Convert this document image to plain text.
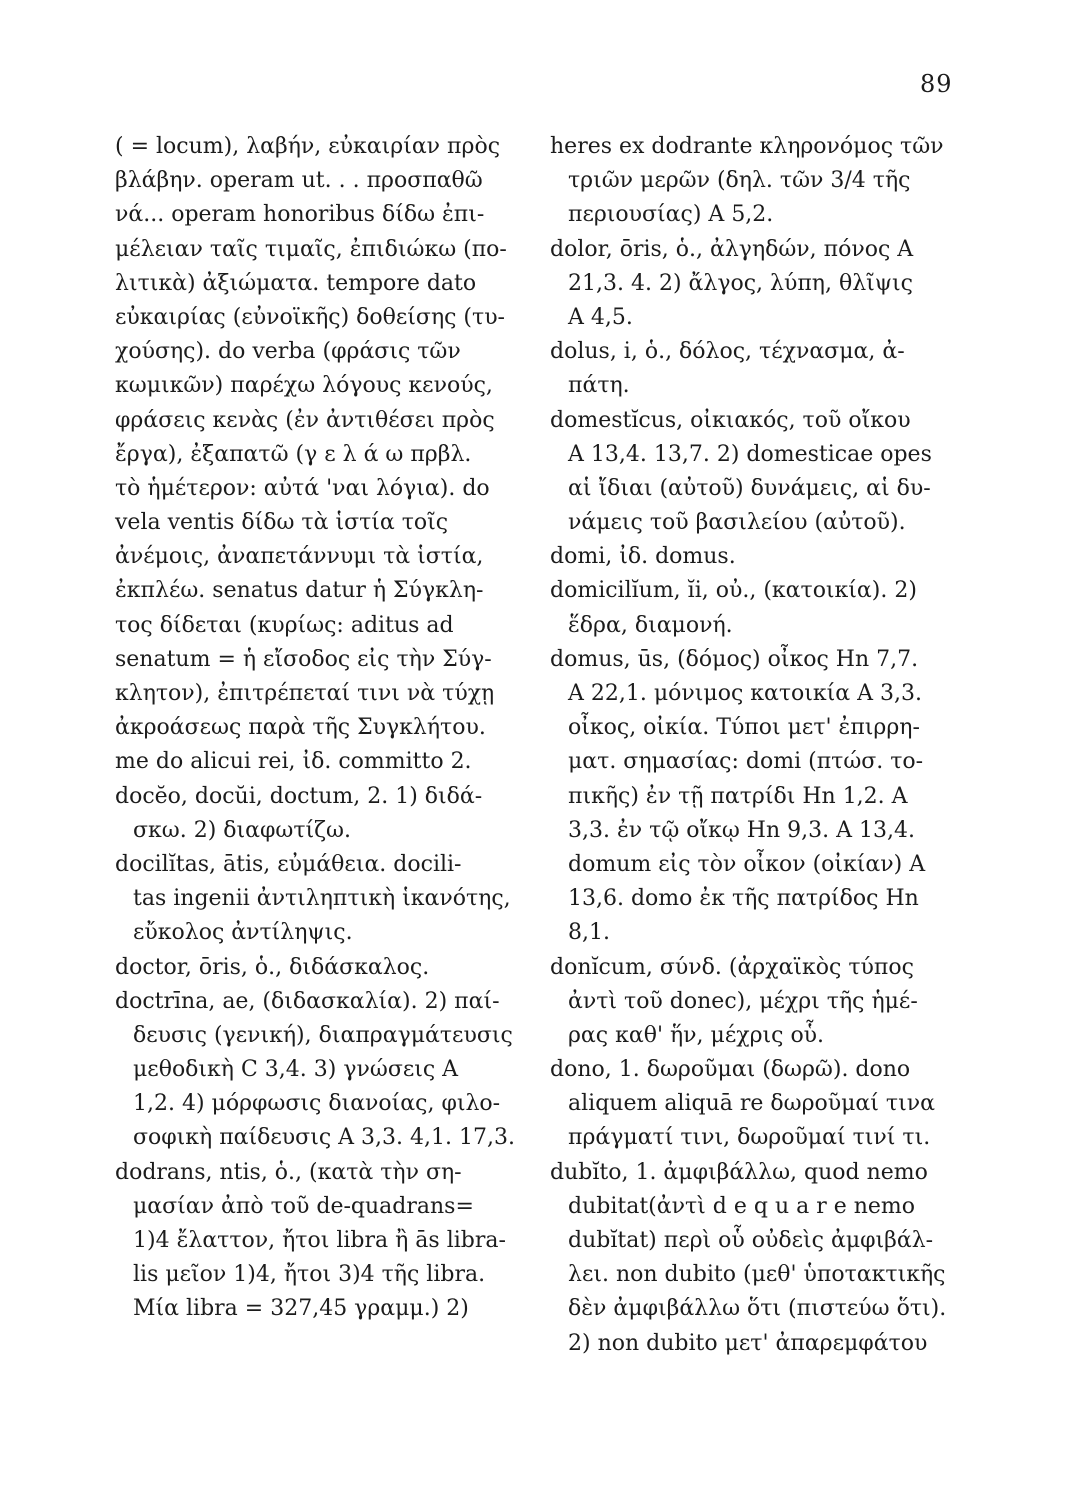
89
( = locum), λαβήν, εὐκαιρίαν πρὸς
βλάβην. operam ut. . . προσπαθῶ
νά... operam honoribus δίδω ἐπι-
μέλειαν ταῖς τιμαῖς, ἐπιδιώκω (πο-
λιτικὰ) ἀξιώματα. tempore dato
εὐκαιρίας (εὐνοϊκῆς) δοθείσης (τυ-
χούσης). do verba (φράσις τῶν
κωμικῶν) παρέχω λόγους κενούς,
φράσεις κενὰς (ἐν ἀντιθέσει πρὸς
ἔργα), ἐξαπατῶ (γ ε λ ά ω πρβλ.
τὸ ἡμέτερον: αὐτά 'ναι λόγια). do
vela ventis δίδω τὰ ἱστία τοῖς
ἀνέμοις, ἀναπετάννυμι τὰ ἱστία,
ἐκπλέω. senatus datur ἡ Σύγκλη-
τος δίδεται (κυρίως: aditus ad
senatum = ἡ εἴσοδος εἰς τὴν Σύγ-
κλητον), ἐπιτρέπεταί τινι νὰ τύχῃ
ἀκροάσεως παρὰ τῆς Συγκλήτου.
me do alicui rei, ἰδ. committo 2.
docĕo, docŭi, doctum, 2. 1) διδά-
σκω. 2) διαφωτίζω.
docilĭtas, ātis, εὐμάθεια. docili-
tas ingenii ἀντιληπτικὴ ἱκανότης,
εὔκολος ἀντίληψις.
doctor, ōris, ὁ., διδάσκαλος.
doctrīna, ae, (διδασκαλία). 2) παί-
δευσις (γενική), διαπραγμάτευσις
μεθοδικὴ C 3,4. 3) γνώσεις A
1,2. 4) μόρφωσις διανοίας, φιλο-
σοφικὴ παίδευσις A 3,3. 4,1. 17,3.
dodrans, ntis, ὁ., (κατὰ τὴν ση-
μασίαν ἀπὸ τοῦ de-quadrans=
1)4 ἔλαττον, ἤτοι libra ἢ ās libra-
lis μεῖον 1)4, ἤτοι 3)4 τῆς libra.
Μία libra = 327,45 γραμμ.) 2)
heres ex dodrante κληρονόμος τῶν
τριῶν μερῶν (δηλ. τῶν 3/4 τῆς
περιουσίας) A 5,2.
dolor, ōris, ὁ., ἀλγηδών, πόνος A
21,3. 4. 2) ἄλγος, λύπη, θλῖψις
A 4,5.
dolus, i, ὁ., δόλος, τέχνασμα, ἀ-
πάτη.
domestĭcus, οἰκιακός, τοῦ οἴκου
A 13,4. 13,7. 2) domesticae opes
αἱ ἴδιαι (αὐτοῦ) δυνάμεις, αἱ δυ-
νάμεις τοῦ βασιλείου (αὐτοῦ).
domi, ἰδ. domus.
domicilĭum, ĭi, οὐ., (κατοικία). 2)
ἕδρα, διαμονή.
domus, ūs, (δόμος) οἶκος Hn 7,7.
A 22,1. μόνιμος κατοικία A 3,3.
οἶκος, οἰκία. Τύποι μετ' ἐπιρρη-
ματ. σημασίας: domi (πτώσ. το-
πικῆς) ἐν τῇ πατρίδι Hn 1,2. A
3,3. ἐν τῷ οἴκῳ Hn 9,3. A 13,4.
domum εἰς τὸν οἶκον (οἰκίαν) A
13,6. domo ἐκ τῆς πατρίδος Hn
8,1.
donĭcum, σύνδ. (ἀρχαϊκὸς τύπος
ἀντὶ τοῦ donec), μέχρι τῆς ἡμέ-
ρας καθ' ἥν, μέχρις οὗ.
dono, 1. δωροῦμαι (δωρῶ). dono
aliquem aliquā re δωροῦμαί τινα
πράγματί τινι, δωροῦμαί τινί τι.
dubĭto, 1. ἀμφιβάλλω, quod nemo
dubitat(ἀντὶ d e q u a r e nemo
dubĭtat) περὶ οὗ οὐδεὶς ἀμφιβάλ-
λει. non dubito (μεθ' ὑποτακτικῆς
δὲν ἀμφιβάλλω ὅτι (πιστεύω ὅτι).
2) non dubito μετ' ἀπαρεμφάτου
